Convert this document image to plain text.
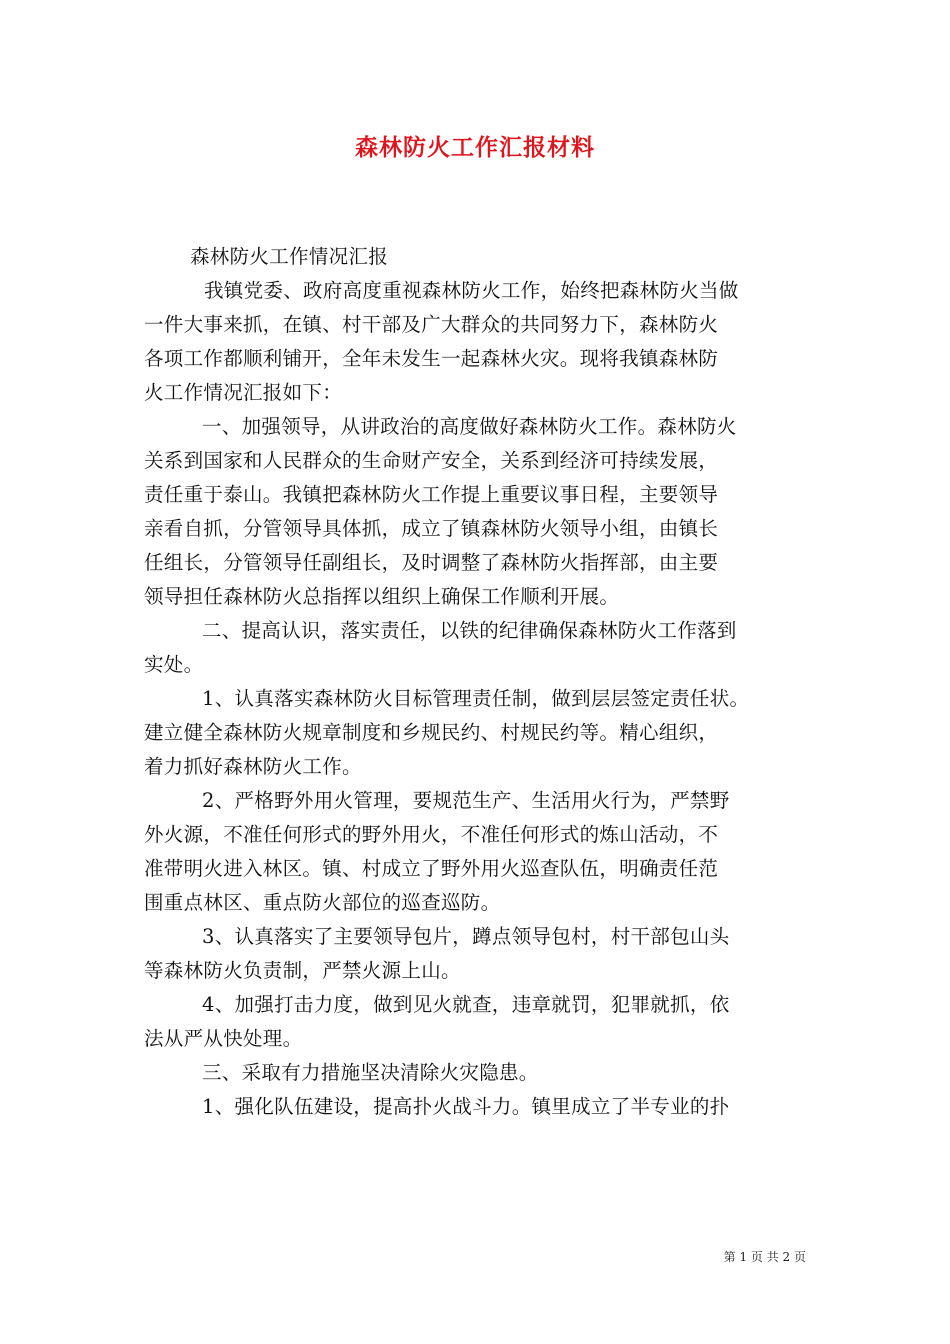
森林防火工作汇报材料
森林防火工作情况汇报
我镇党委、政府高度重视森林防火工作，始终把森林防火当做
一件大事来抓，在镇、村干部及广大群众的共同努力下，森林防火
各项工作都顺利铺开，全年未发生一起森林火灾。现将我镇森林防
火工作情况汇报如下：
一、加强领导，从讲政治的高度做好森林防火工作。森林防火
关系到国家和人民群众的生命财产安全，关系到经济可持续发展，
责任重于泰山。我镇把森林防火工作提上重要议事日程，主要领导
亲看自抓，分管领导具体抓，成立了镇森林防火领导小组，由镇长
任组长，分管领导任副组长，及时调整了森林防火指挥部，由主要
领导担任森林防火总指挥以组织上确保工作顺利开展。
二、提高认识，落实责任，以铁的纪律确保森林防火工作落到
实处。
1、认真落实森林防火目标管理责任制，做到层层签定责任状。
建立健全森林防火规章制度和乡规民约、村规民约等。精心组织，
着力抓好森林防火工作。
2、严格野外用火管理，要规范生产、生活用火行为，严禁野
外火源，不准任何形式的野外用火，不准任何形式的炼山活动，不
准带明火进入林区。镇、村成立了野外用火巡查队伍，明确责任范
围重点林区、重点防火部位的巡查巡防。
3、认真落实了主要领导包片，蹲点领导包村，村干部包山头
等森林防火负责制，严禁火源上山。
4、加强打击力度，做到见火就查，违章就罚，犯罪就抓，依
法从严从快处理。
三、采取有力措施坚决清除火灾隐患。
1、强化队伍建设，提高扑火战斗力。镇里成立了半专业的扑
第 1 页 共 2 页
